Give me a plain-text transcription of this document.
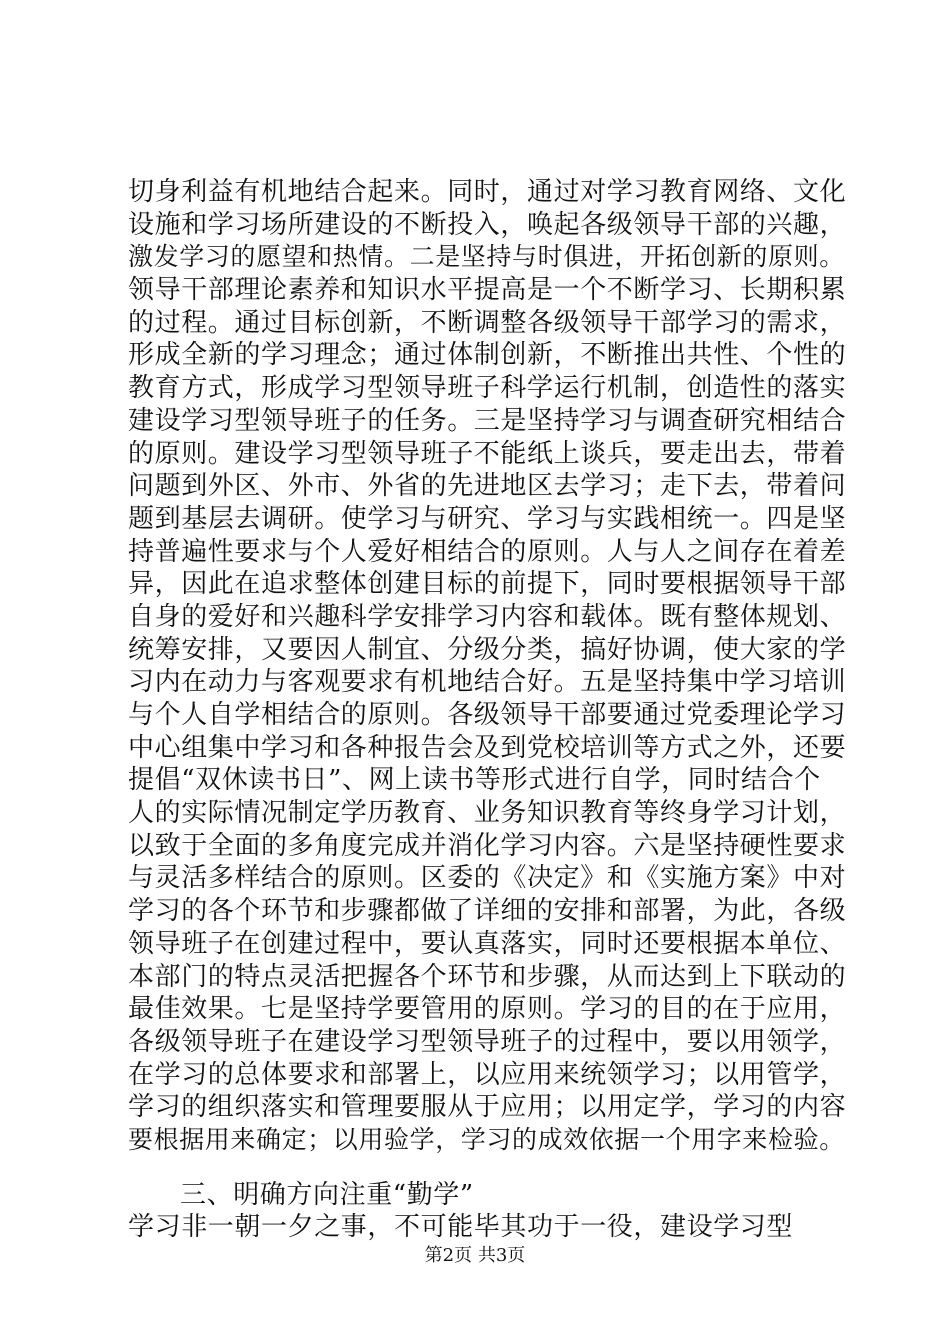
切身利益有机地结合起来。同时，通过对学习教育网络、文化
设施和学习场所建设的不断投入，唤起各级领导干部的兴趣，
激发学习的愿望和热情。二是坚持与时俱进，开拓创新的原则。
领导干部理论素养和知识水平提高是一个不断学习、长期积累
的过程。通过目标创新，不断调整各级领导干部学习的需求，
形成全新的学习理念；通过体制创新，不断推出共性、个性的
教育方式，形成学习型领导班子科学运行机制，创造性的落实
建设学习型领导班子的任务。三是坚持学习与调查研究相结合
的原则。建设学习型领导班子不能纸上谈兵，要走出去，带着
问题到外区、外市、外省的先进地区去学习；走下去，带着问
题到基层去调研。使学习与研究、学习与实践相统一。四是坚
持普遍性要求与个人爱好相结合的原则。人与人之间存在着差
异，因此在追求整体创建目标的前提下，同时要根据领导干部
自身的爱好和兴趣科学安排学习内容和载体。既有整体规划、
统筹安排，又要因人制宜、分级分类，搞好协调，使大家的学
习内在动力与客观要求有机地结合好。五是坚持集中学习培训
与个人自学相结合的原则。各级领导干部要通过党委理论学习
中心组集中学习和各种报告会及到党校培训等方式之外，还要
提倡“双休读书日”、网上读书等形式进行自学，同时结合个
人的实际情况制定学历教育、业务知识教育等终身学习计划，
以致于全面的多角度完成并消化学习内容。六是坚持硬性要求
与灵活多样结合的原则。区委的《决定》和《实施方案》中对
学习的各个环节和步骤都做了详细的安排和部署，为此，各级
领导班子在创建过程中，要认真落实，同时还要根据本单位、
本部门的特点灵活把握各个环节和步骤，从而达到上下联动的
最佳效果。七是坚持学要管用的原则。学习的目的在于应用，
各级领导班子在建设学习型领导班子的过程中，要以用领学，
在学习的总体要求和部署上，以应用来统领学习；以用管学，
学习的组织落实和管理要服从于应用；以用定学，学习的内容
要根据用来确定；以用验学，学习的成效依据一个用字来检验。
三、明确方向注重“勤学”
学习非一朝一夕之事，不可能毕其功于一役，建设学习型
第2页 共3页
